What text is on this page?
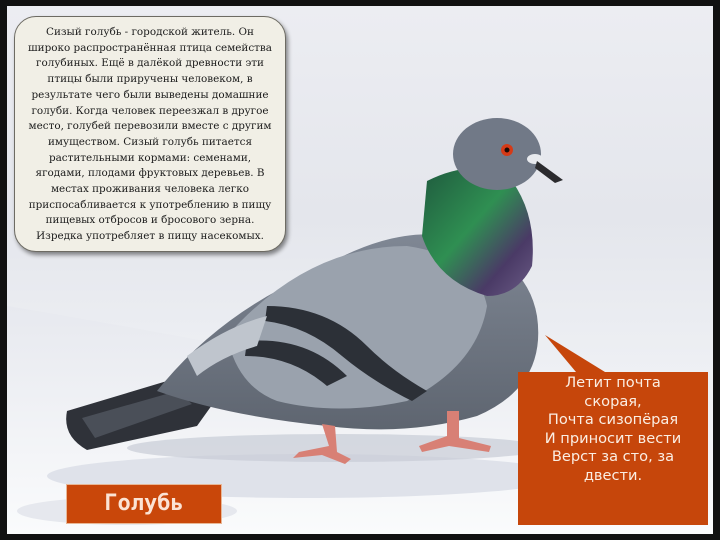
Сизый голубь - городской житель. Он широко распространённая птица семейства голубиных. Ещё в далёкой древности эти птицы были приручены человеком, в результате чего были выведены домашние голуби. Когда человек переезжал в другое место, голубей перевозили вместе с другим имуществом. Сизый голубь питается растительными кормами: семенами, ягодами, плодами фруктовых деревьев. В местах проживания человека легко приспосабливается к употреблению в пищу пищевых отбросов и бросового зерна. Изредка употребляет в пищу насекомых.
Летит почта
скорая,
Почта сизопёрая
И приносит вести
Верст за сто, за
двести.
Голубь
